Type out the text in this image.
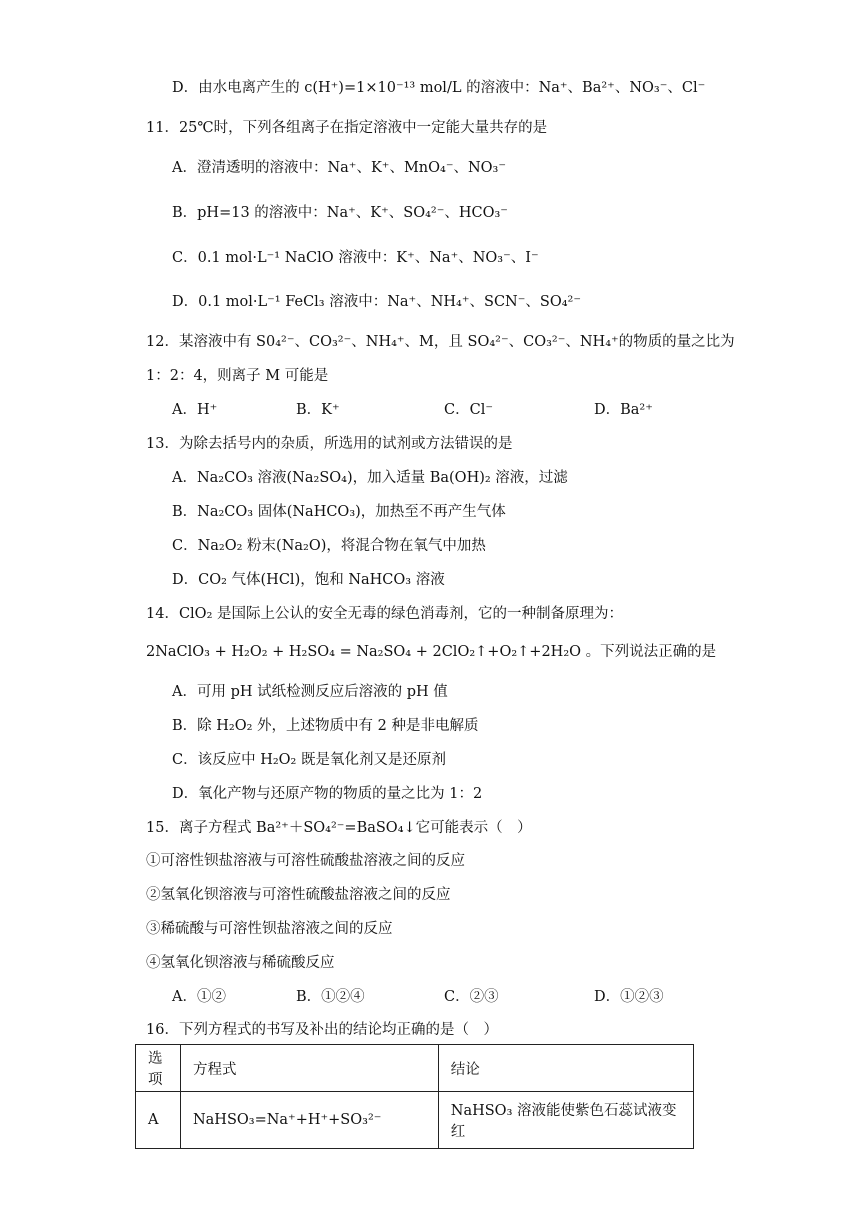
D．由水电离产生的 c(H⁺)=1×10⁻¹³ mol/L 的溶液中：Na⁺、Ba²⁺、NO₃⁻、Cl⁻
11．25℃时，下列各组离子在指定溶液中一定能大量共存的是
A．澄清透明的溶液中：Na⁺、K⁺、MnO₄⁻、NO₃⁻
B．pH=13 的溶液中：Na⁺、K⁺、SO₄²⁻、HCO₃⁻
C．0.1 mol·L⁻¹ NaClO 溶液中：K⁺、Na⁺、NO₃⁻、I⁻
D．0.1 mol·L⁻¹ FeCl₃ 溶液中：Na⁺、NH₄⁺、SCN⁻、SO₄²⁻
12．某溶液中有 S0₄²⁻、CO₃²⁻、NH₄⁺、M，且 SO₄²⁻、CO₃²⁻、NH₄⁺的物质的量之比为
1：2：4，则离子 M 可能是
A．H⁺	B．K⁺	C．Cl⁻	D．Ba²⁺
13．为除去括号内的杂质，所选用的试剂或方法错误的是
A．Na₂CO₃ 溶液(Na₂SO₄)，加入适量 Ba(OH)₂ 溶液，过滤
B．Na₂CO₃ 固体(NaHCO₃)，加热至不再产生气体
C．Na₂O₂ 粉末(Na₂O)，将混合物在氧气中加热
D．CO₂ 气体(HCl)，饱和 NaHCO₃ 溶液
14．ClO₂ 是国际上公认的安全无毒的绿色消毒剂，它的一种制备原理为：
2NaClO₃ + H₂O₂ + H₂SO₄ = Na₂SO₄ + 2ClO₂↑+O₂↑+2H₂O 。下列说法正确的是
A．可用 pH 试纸检测反应后溶液的 pH 值
B．除 H₂O₂ 外，上述物质中有 2 种是非电解质
C．该反应中 H₂O₂ 既是氧化剂又是还原剂
D．氧化产物与还原产物的物质的量之比为 1：2
15．离子方程式 Ba²⁺＋SO₄²⁻=BaSO₄↓它可能表示（　）
①可溶性钡盐溶液与可溶性硫酸盐溶液之间的反应
②氢氧化钡溶液与可溶性硫酸盐溶液之间的反应
③稀硫酸与可溶性钡盐溶液之间的反应
④氢氧化钡溶液与稀硫酸反应
A．①②	B．①②④	C．②③	D．①②③
16．下列方程式的书写及补出的结论均正确的是（　）
选项	方程式	结论
A	NaHSO₃=Na⁺+H⁺+SO₃²⁻	NaHSO₃ 溶液能使紫色石蕊试液变红
